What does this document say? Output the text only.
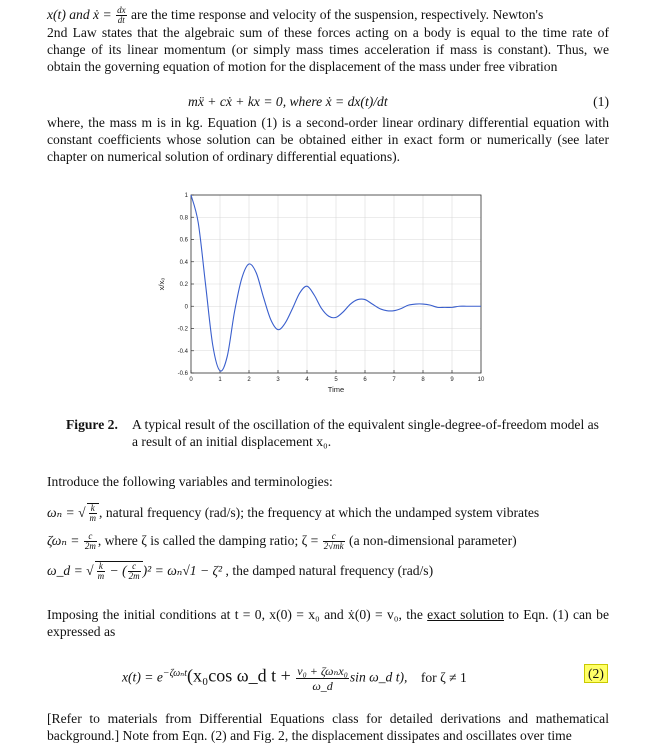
x(t) and ẋ = $\frac{dx}{dt}$ are the time response and velocity of the suspension, respectively. Newton's
2nd Law states that the algebraic sum of these forces acting on a body is equal to the time rate of change of its linear momentum (or simply mass times acceleration if mass is constant). Thus, we obtain the governing equation of motion for the displacement of the mass under free vibration
mẍ + cẋ + kx = 0, where ẋ = dx(t)/dt	(1)
where, the mass m is in kg. Equation (1) is a second-order linear ordinary differential equation with constant coefficients whose solution can be obtained either in exact form or numerically (see later chapter on numerical solution of ordinary differential equations).
0	1	2	3	4	5	6	7	8	9	10
-0.6
-0.4
-0.2
0
0.2
0.4
0.6
0.8
1
Time
x/x₀
Figure 2.	A typical result of the oscillation of the equivalent single-degree-of-freedom model as a result of an initial displacement x₀.
Introduce the following variables and terminologies:
ωₙ = √ $\frac{k}{m}$ , natural frequency (rad/s); the frequency at which the undamped system vibrates
$\zeta\omega_n = \frac{c}{2m}$ , where ζ is called the damping ratio; $\zeta = \frac{c}{2√mk} (a$ non-dimensional parameter)
ω_d = √ $\frac{k}{m}$ − ( $\frac{c}{2m} )^2 = \omega_n√1 - \zeta^2$ , the damped natural frequency (rad/s)
Imposing the initial conditions at t = 0, x(0) = x₀ and ẋ(0) = v₀, the exact solution to Eqn. (1) can be expressed as
$x(t) = e^{-\zeta\omega_nt}(x_0\cos$ ω_d $t + \frac{\text{v₀ + ζωₙx₀}}{\omega\_d}$ sin ω_d t), for ζ ≠ 1	(2)
[Refer to materials from Differential Equations class for detailed derivations and mathematical background.] Note from Eqn. (2) and Fig. 2, the displacement dissipates and oscillates over time
